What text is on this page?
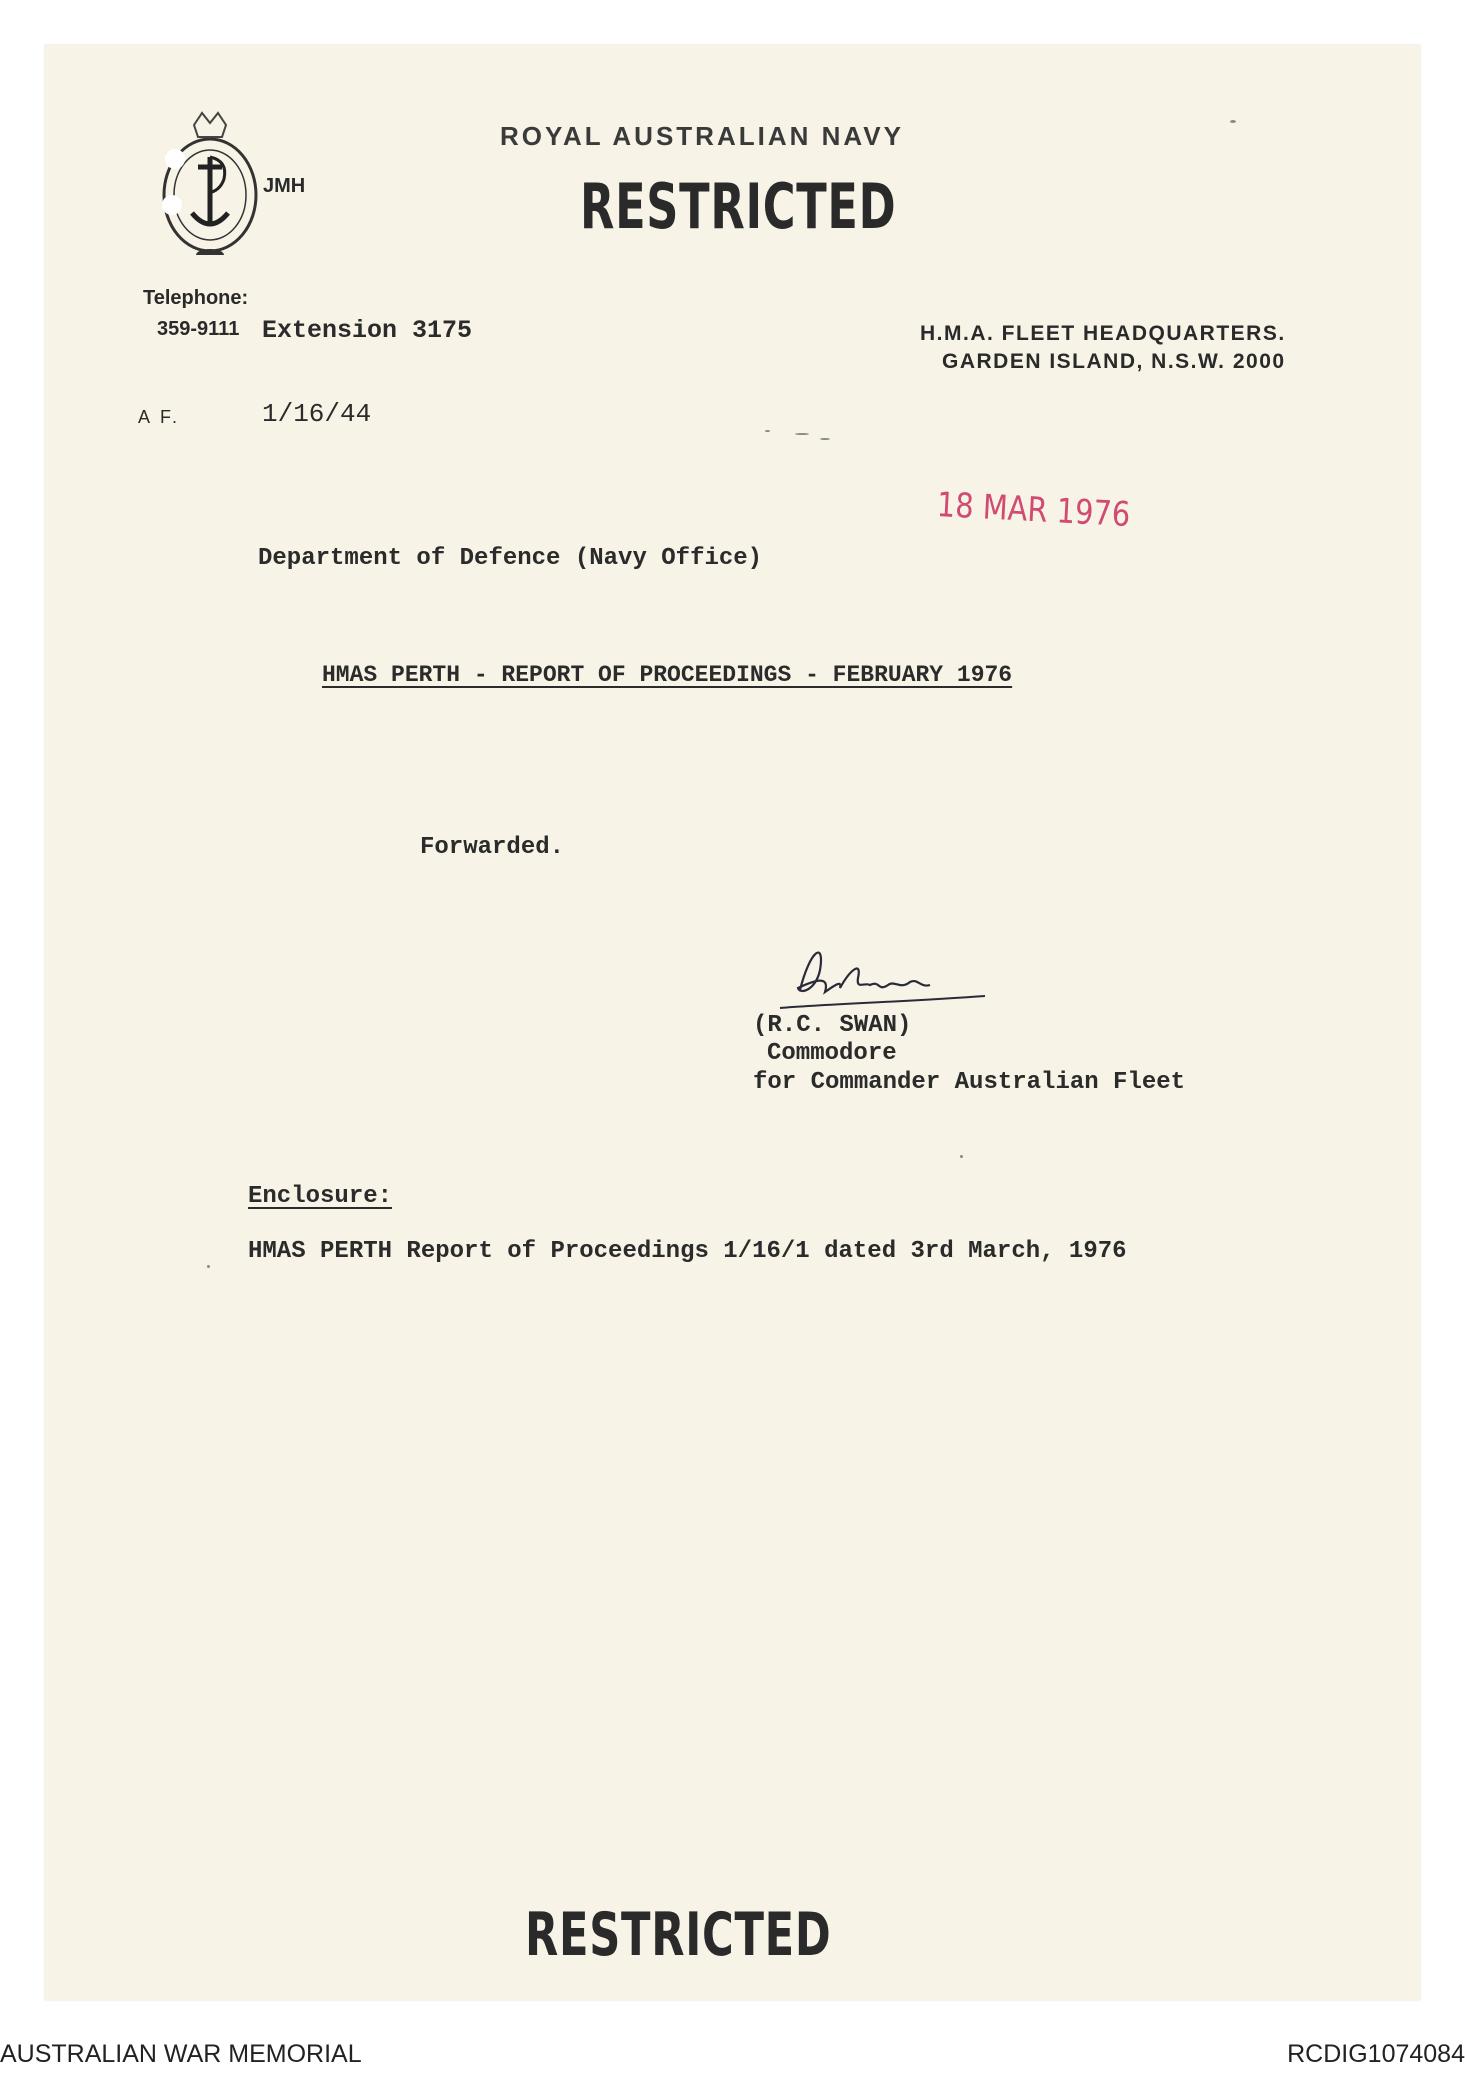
JMH
ROYAL AUSTRALIAN NAVY
RESTRICTED
Telephone:
359-9111 Extension 3175	H.M.A. FLEET HEADQUARTERS.
GARDEN ISLAND, N.S.W. 2000
A F.	1/16/44
18 MAR 1976
Department of Defence (Navy Office)
HMAS PERTH - REPORT OF PROCEEDINGS - FEBRUARY 1976
Forwarded.
(R.C. SWAN)
Commodore
for Commander Australian Fleet
Enclosure:
HMAS PERTH Report of Proceedings 1/16/1 dated 3rd March, 1976
RESTRICTED
AUSTRALIAN WAR MEMORIAL	RCDIG1074084
